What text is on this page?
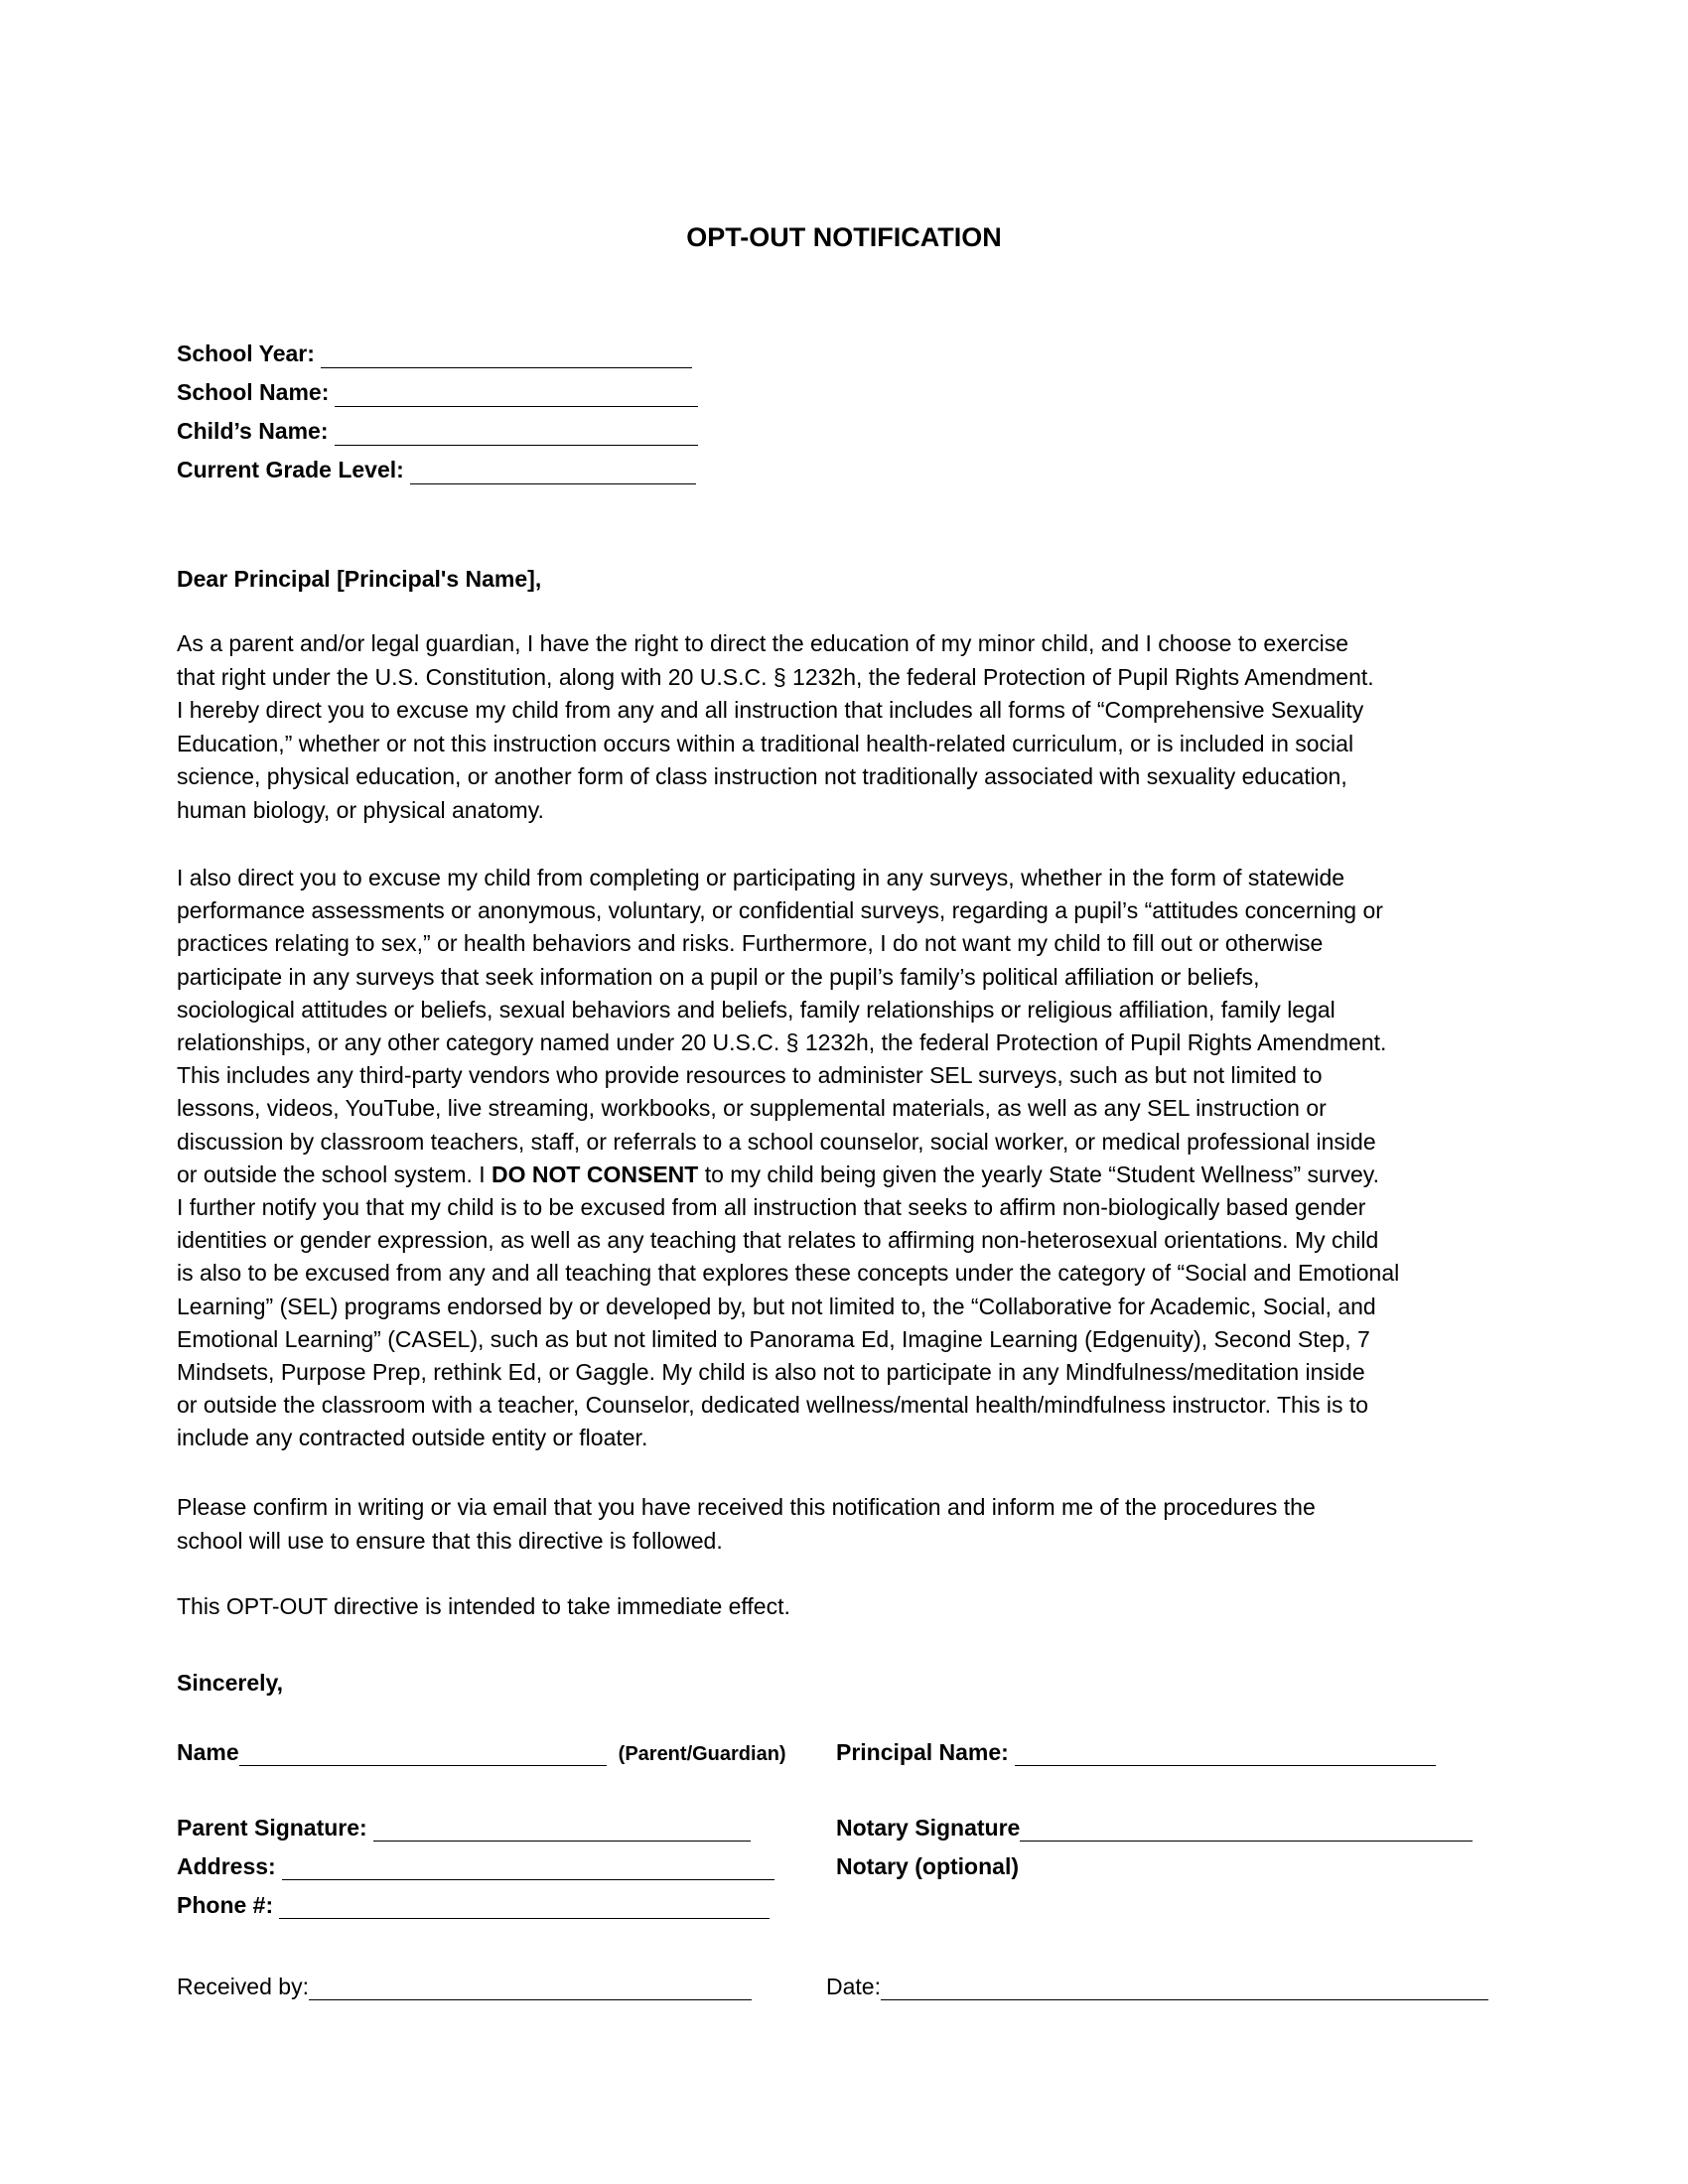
OPT-OUT NOTIFICATION
School Year:
School Name:
Child’s Name:
Current Grade Level:
Dear Principal [Principal's Name],
As a parent and/or legal guardian, I have the right to direct the education of my minor child, and I choose to exercise
that right under the U.S. Constitution, along with 20 U.S.C. § 1232h, the federal Protection of Pupil Rights Amendment.
I hereby direct you to excuse my child from any and all instruction that includes all forms of “Comprehensive Sexuality
Education,” whether or not this instruction occurs within a traditional health-related curriculum, or is included in social
science, physical education, or another form of class instruction not traditionally associated with sexuality education,
human biology, or physical anatomy.
I also direct you to excuse my child from completing or participating in any surveys, whether in the form of statewide
performance assessments or anonymous, voluntary, or confidential surveys, regarding a pupil’s “attitudes concerning or
practices relating to sex,” or health behaviors and risks. Furthermore, I do not want my child to fill out or otherwise
participate in any surveys that seek information on a pupil or the pupil’s family’s political affiliation or beliefs,
sociological attitudes or beliefs, sexual behaviors and beliefs, family relationships or religious affiliation, family legal
relationships, or any other category named under 20 U.S.C. § 1232h, the federal Protection of Pupil Rights Amendment.
This includes any third-party vendors who provide resources to administer SEL surveys, such as but not limited to
lessons, videos, YouTube, live streaming, workbooks, or supplemental materials, as well as any SEL instruction or
discussion by classroom teachers, staff, or referrals to a school counselor, social worker, or medical professional inside
or outside the school system. I DO NOT CONSENT to my child being given the yearly State “Student Wellness” survey.
I further notify you that my child is to be excused from all instruction that seeks to affirm non-biologically based gender
identities or gender expression, as well as any teaching that relates to affirming non-heterosexual orientations. My child
is also to be excused from any and all teaching that explores these concepts under the category of “Social and Emotional
Learning” (SEL) programs endorsed by or developed by, but not limited to, the “Collaborative for Academic, Social, and
Emotional Learning” (CASEL), such as but not limited to Panorama Ed, Imagine Learning (Edgenuity), Second Step, 7
Mindsets, Purpose Prep, rethink Ed, or Gaggle. My child is also not to participate in any Mindfulness/meditation inside
or outside the classroom with a teacher, Counselor, dedicated wellness/mental health/mindfulness instructor. This is to
include any contracted outside entity or floater.
Please confirm in writing or via email that you have received this notification and inform me of the procedures the
school will use to ensure that this directive is followed.
This OPT-OUT directive is intended to take immediate effect.
Sincerely,
Name	(Parent/Guardian) Principal Name:
Parent Signature:	Notary Signature
Address:	Notary (optional)
Phone #:
Received by:	Date:
